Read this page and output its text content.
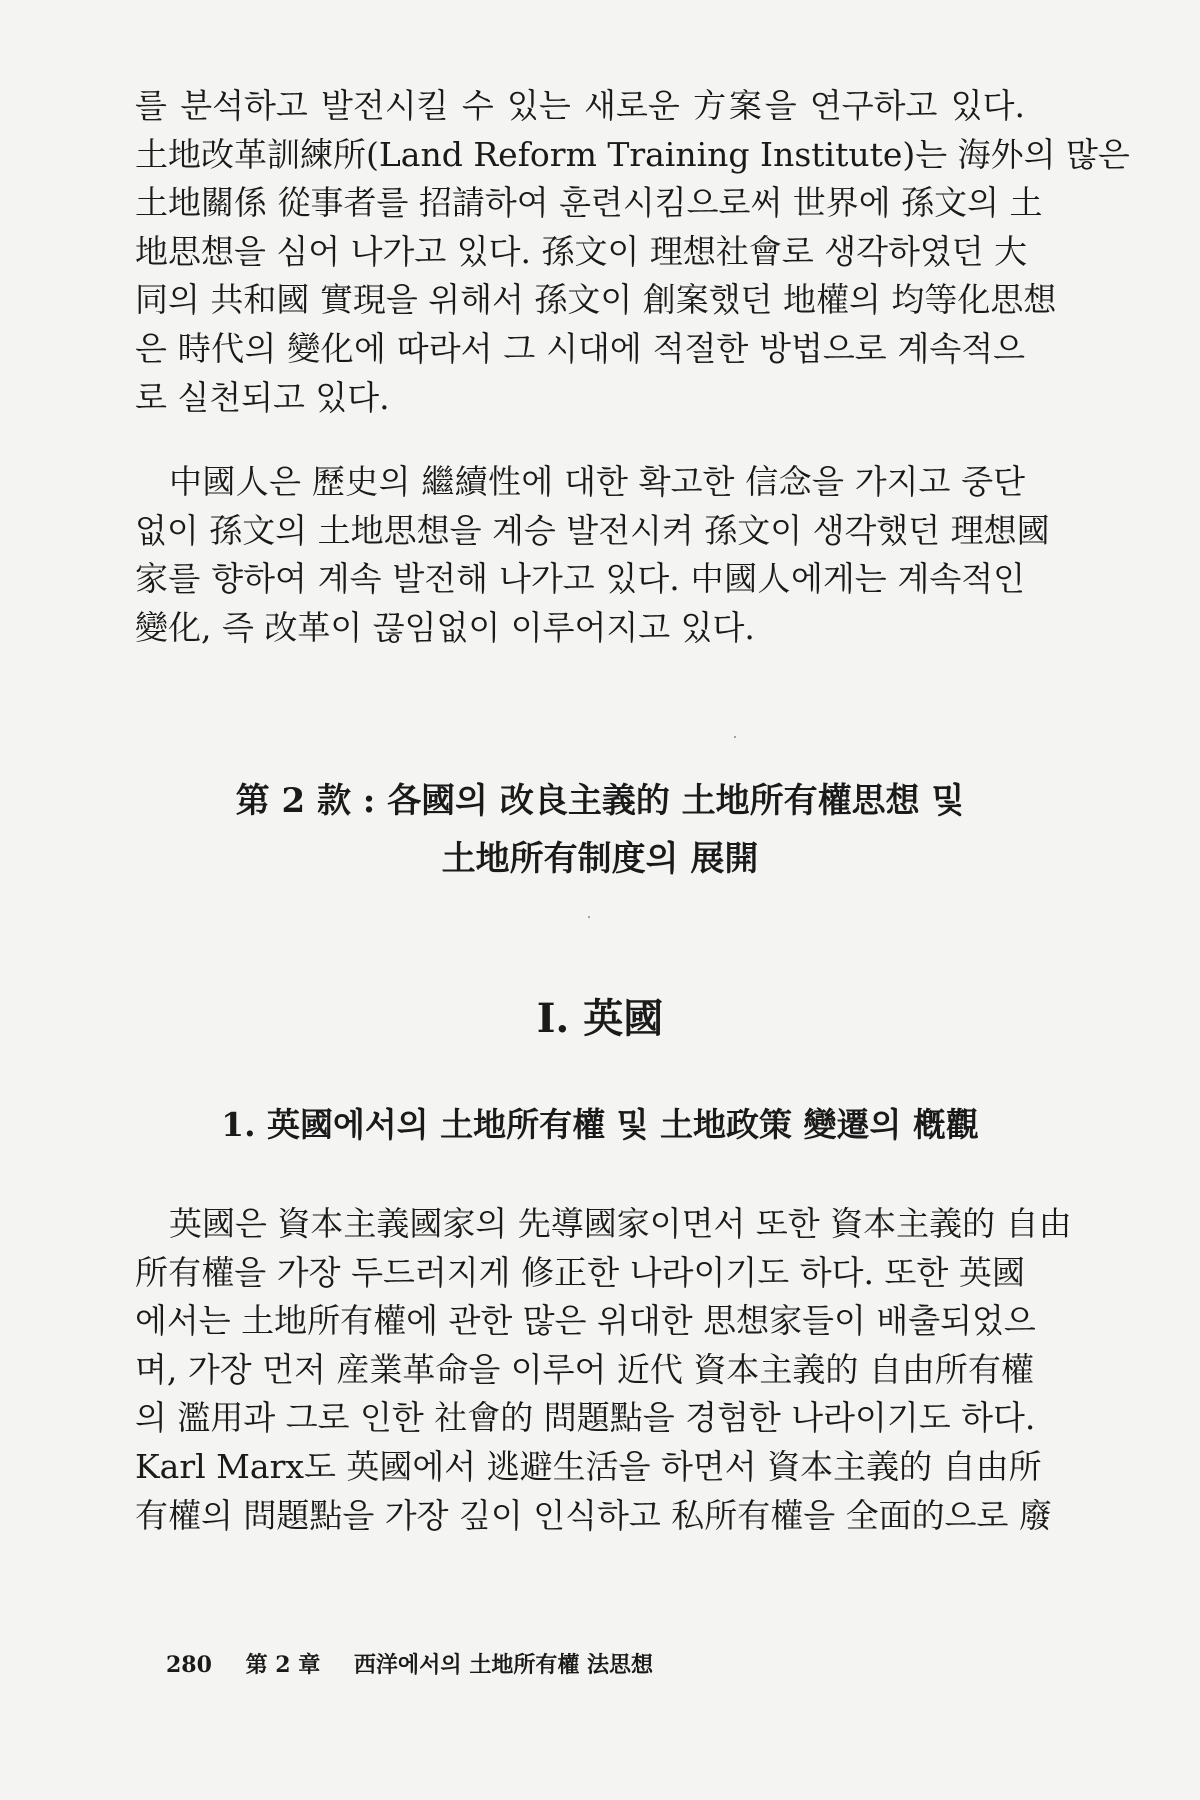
를 분석하고 발전시킬 수 있는 새로운 方案을 연구하고 있다.
土地改革訓練所(Land Reform Training Institute)는 海外의 많은
土地關係 從事者를 招請하여 훈련시킴으로써 世界에 孫文의 土
地思想을 심어 나가고 있다. 孫文이 理想社會로 생각하였던 大
同의 共和國 實現을 위해서 孫文이 創案했던 地權의 均等化思想
은 時代의 變化에 따라서 그 시대에 적절한 방법으로 계속적으
로 실천되고 있다.
中國人은 歷史의 繼續性에 대한 확고한 信念을 가지고 중단
없이 孫文의 土地思想을 계승 발전시켜 孫文이 생각했던 理想國
家를 향하여 계속 발전해 나가고 있다. 中國人에게는 계속적인
變化, 즉 改革이 끊임없이 이루어지고 있다.
第 2 款 : 各國의 改良主義的 土地所有權思想 및
土地所有制度의 展開
Ⅰ. 英國
1. 英國에서의 土地所有權 및 土地政策 變遷의 槪觀
英國은 資本主義國家의 先導國家이면서 또한 資本主義的 自由
所有權을 가장 두드러지게 修正한 나라이기도 하다. 또한 英國
에서는 土地所有權에 관한 많은 위대한 思想家들이 배출되었으
며, 가장 먼저 産業革命을 이루어 近代 資本主義的 自由所有權
의 濫用과 그로 인한 社會的 問題點을 경험한 나라이기도 하다.
Karl Marx도 英國에서 逃避生活을 하면서 資本主義的 自由所
有權의 問題點을 가장 깊이 인식하고 私所有權을 全面的으로 廢
280 第 2 章 西洋에서의 土地所有權 法思想
